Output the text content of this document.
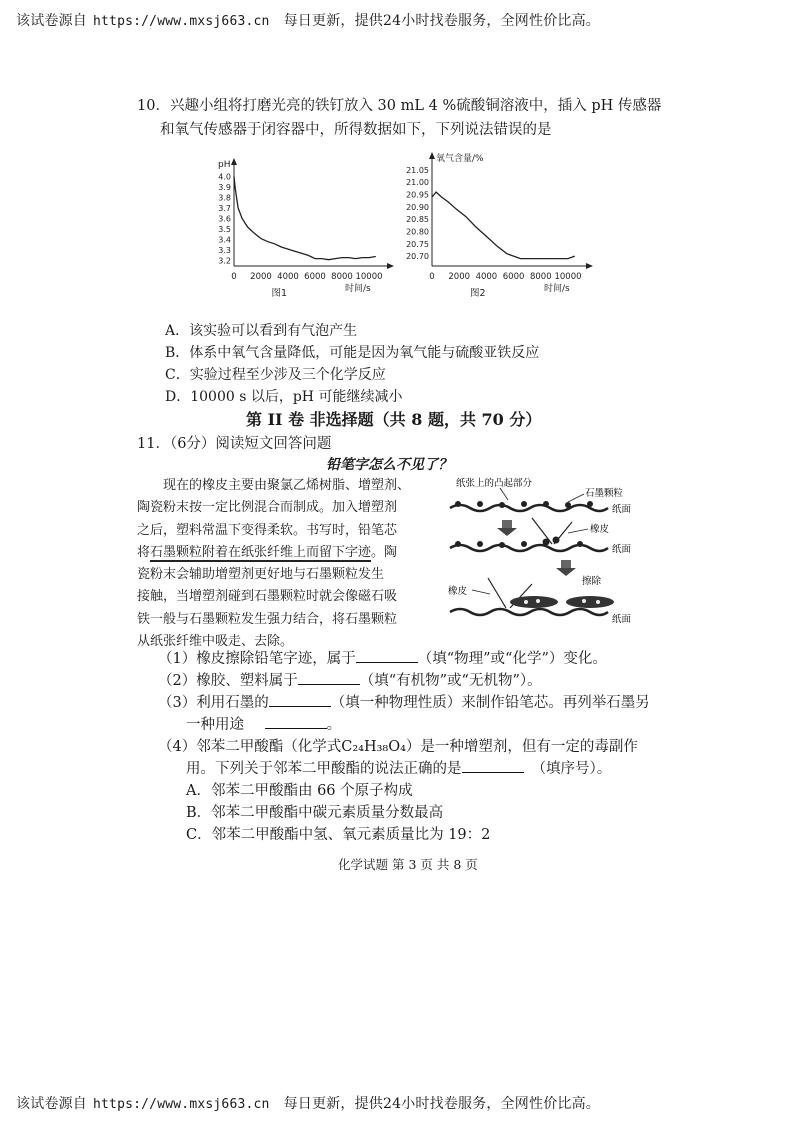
该试卷源自 https://www.mxsj663.cn 每日更新，提供24小时找卷服务，全网性价比高。
10．兴趣小组将打磨光亮的铁钉放入 30 mL 4 %硫酸铜溶液中，插入 pH 传感器
和氧气传感器于闭容器中，所得数据如下，下列说法错误的是
4.0
3.9
3.8
3.7
3.6
3.5
3.4
3.3
3.2
0 2000 4000 6000 8000 10000
pH
时间/s
图1
21.05
21.00
20.95
20.90
20.85
20.80
20.75
20.70
0 2000 4000 6000 8000 10000
氧气含量/%
时间/s
图2
A．该实验可以看到有气泡产生
B．体系中氧气含量降低，可能是因为氧气能与硫酸亚铁反应
C．实验过程至少涉及三个化学反应
D．10000 s 以后，pH 可能继续减小
第 II 卷 非选择题（共 8 题，共 70 分）
11．（6分）阅读短文回答问题
铅笔字怎么不见了？
现在的橡皮主要由聚氯乙烯树脂、增塑剂、
陶瓷粉末按一定比例混合而制成。加入增塑剂
之后，塑料常温下变得柔软。书写时，铅笔芯
将石墨颗粒附着在纸张纤维上而留下字迹。陶
瓷粉末会辅助增塑剂更好地与石墨颗粒发生
接触，当增塑剂碰到石墨颗粒时就会像磁石吸
铁一般与石墨颗粒发生强力结合，将石墨颗粒
从纸张纤维中吸走、去除。
纸张上的凸起部分
石墨颗粒
纸面
橡皮
纸面
擦除
橡皮
纸面
（1）橡皮擦除铅笔字迹，属于	（填“物理”或“化学”）变化。
（2）橡胶、塑料属于	（填“有机物”或“无机物”）。
（3）利用石墨的	（填一种物理性质）来制作铅笔芯。再列举石墨另
一种用途	。
（4）邻苯二甲酸酯（化学式C₂₄H₃₈O₄）是一种增塑剂，但有一定的毒副作
用。下列关于邻苯二甲酸酯的说法正确的是	（填序号）。
A．邻苯二甲酸酯由 66 个原子构成
B．邻苯二甲酸酯中碳元素质量分数最高
C．邻苯二甲酸酯中氢、氧元素质量比为 19：2
化学试题 第 3 页 共 8 页
该试卷源自 https://www.mxsj663.cn 每日更新，提供24小时找卷服务，全网性价比高。
